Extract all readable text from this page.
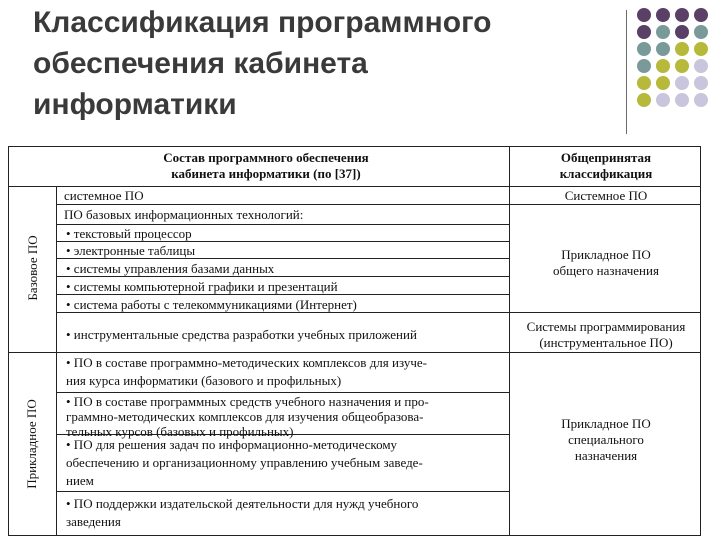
Классификация программного
обеспечения кабинета
информатики
Состав программного обеспечения
кабинета информатики (по [37])
Общепринятая
классификация
Базовое ПО
Прикладное ПО
системное ПО
ПО базовых информационных технологий:
• текстовый процессор
• электронные таблицы
• системы управления базами данных
• системы компьютерной графики и презентаций
• система работы с телекоммуникациями (Интернет)
• инструментальные средства разработки учебных приложений
Системное ПО
Прикладное ПО
общего назначения
Системы программирования
(инструментальное ПО)
Прикладное ПО
специального
назначения
• ПО в составе программно-методических комплексов для изуче-
ния курса информатики (базового и профильных)
• ПО в составе программных средств учебного назначения и про-
граммно-методических комплексов для изучения общеобразова-
тельных курсов (базовых и профильных)
• ПО для решения задач по информационно-методическому
обеспечению и организационному управлению учебным заведе-
нием
• ПО поддержки издательской деятельности для нужд учебного
заведения
